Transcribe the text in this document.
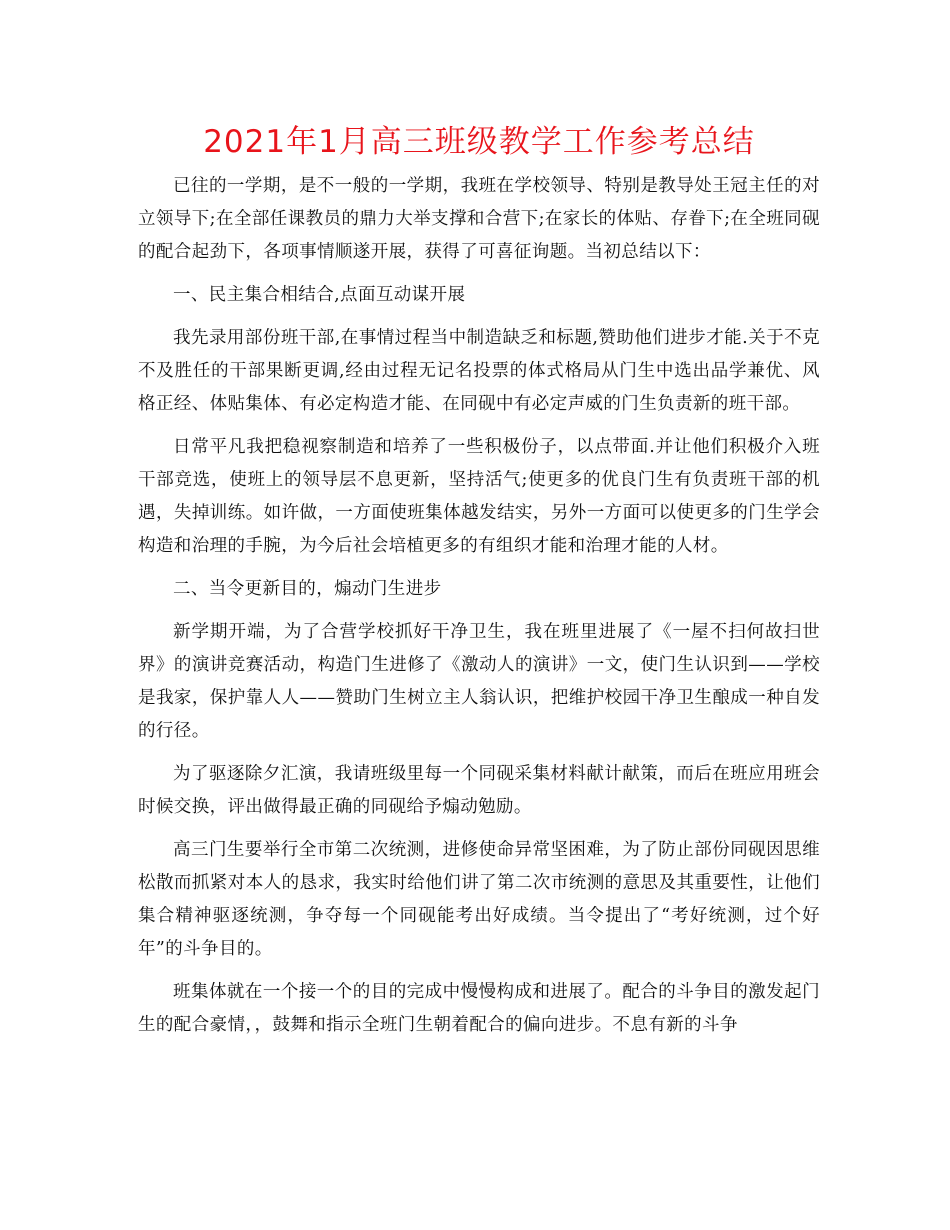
2021年1月高三班级教学工作参考总结

已往的一学期，是不一般的一学期，我班在学校领导、特别是教导处王冠主任的对立领导下;在全部任课教员的鼎力大举支撑和合营下;在家长的体贴、存眷下;在全班同砚的配合起劲下，各项事情顺遂开展，获得了可喜征询题。当初总结以下：

一、民主集合相结合,点面互动谋开展

我先录用部份班干部,在事情过程当中制造缺乏和标题,赞助他们进步才能.关于不克不及胜任的干部果断更调,经由过程无记名投票的体式格局从门生中选出品学兼优、风格正经、体贴集体、有必定构造才能、在同砚中有必定声威的门生负责新的班干部。

日常平凡我把稳视察制造和培养了一些积极份子，以点带面.并让他们积极介入班干部竞选，使班上的领导层不息更新，坚持活气;使更多的优良门生有负责班干部的机遇，失掉训练。如许做，一方面使班集体越发结实，另外一方面可以使更多的门生学会构造和治理的手腕，为今后社会培植更多的有组织才能和治理才能的人材。

二、当令更新目的，煽动门生进步

新学期开端，为了合营学校抓好干净卫生，我在班里进展了《一屋不扫何故扫世界》的演讲竞赛活动，构造门生进修了《激动人的演讲》一文，使门生认识到——学校是我家，保护靠人人——赞助门生树立主人翁认识，把维护校园干净卫生酿成一种自发的行径。

为了驱逐除夕汇演，我请班级里每一个同砚采集材料献计献策，而后在班应用班会时候交换，评出做得最正确的同砚给予煽动勉励。

高三门生要举行全市第二次统测，进修使命异常坚困难，为了防止部份同砚因思维松散而抓紧对本人的恳求，我实时给他们讲了第二次市统测的意思及其重要性，让他们集合精神驱逐统测，争夺每一个同砚能考出好成绩。当令提出了“考好统测，过个好年”的斗争目的。

班集体就在一个接一个的目的完成中慢慢构成和进展了。配合的斗争目的激发起门生的配合豪情，，鼓舞和指示全班门生朝着配合的偏向进步。不息有新的斗争
